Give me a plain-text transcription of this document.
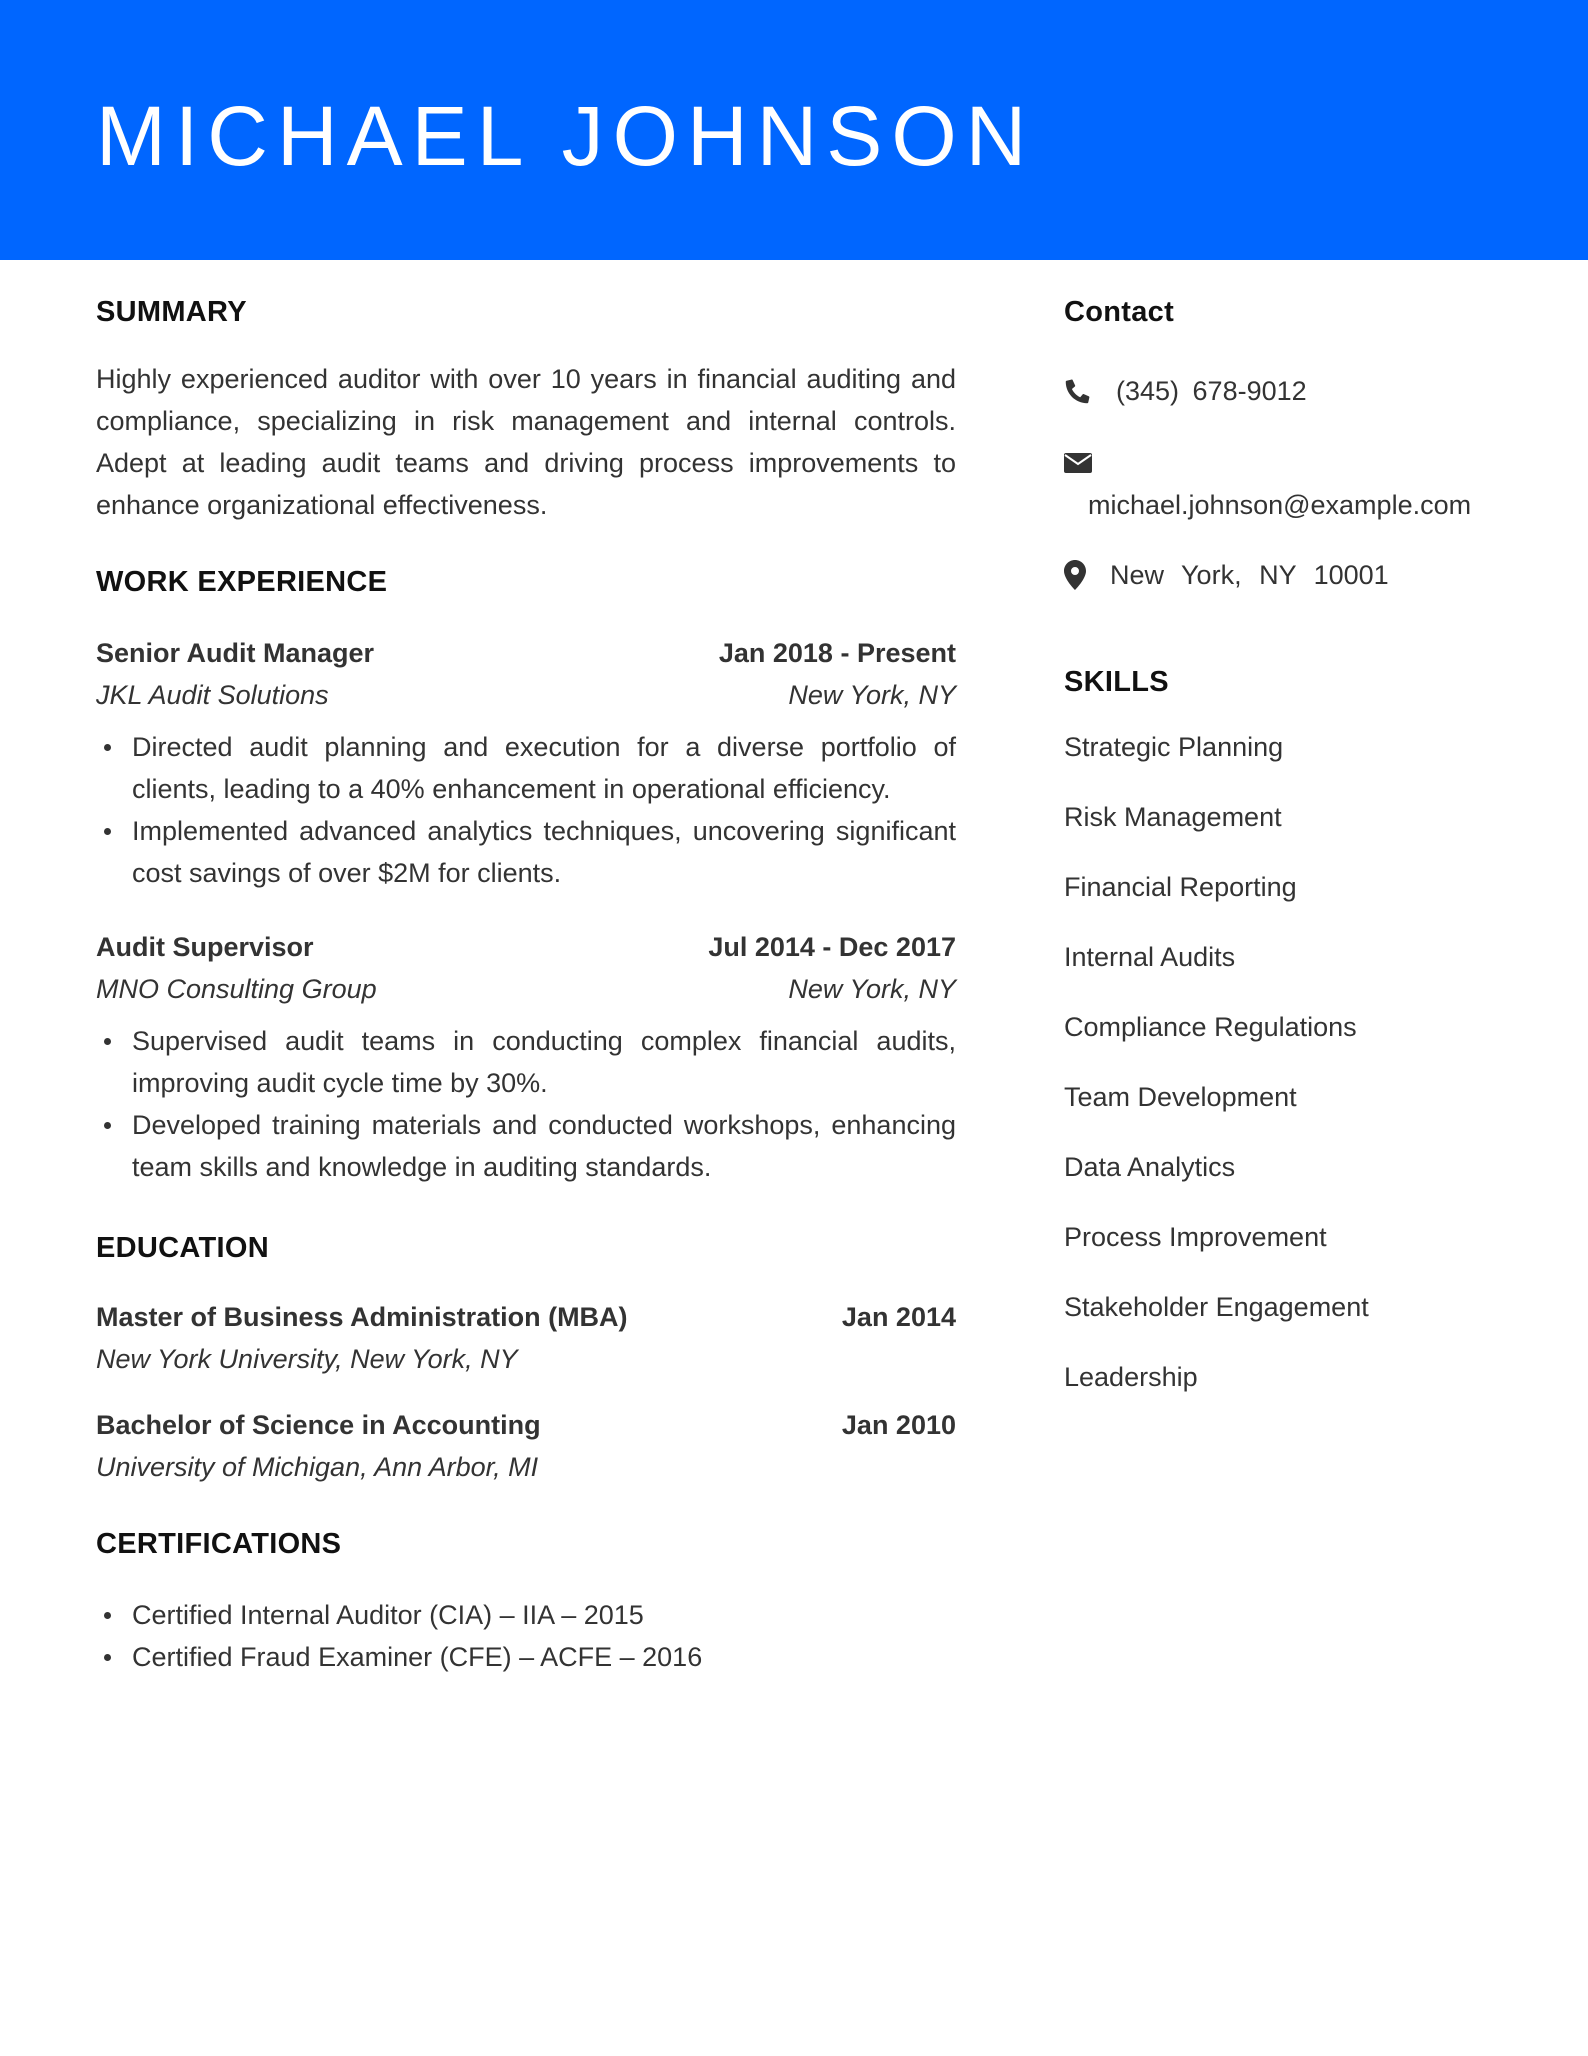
MICHAEL JOHNSON
SUMMARY

Highly experienced auditor with over 10 years in financial auditing and compliance, specializing in risk management and internal controls. Adept at leading audit teams and driving process improvements to enhance organizational effectiveness.

WORK EXPERIENCE
Senior Audit Manager	Jan 2018 - Present
JKL Audit Solutions	New York, NY
Directed audit planning and execution for a diverse portfolio of clients, leading to a 40% enhancement in operational efficiency.
Implemented advanced analytics techniques, uncovering significant cost savings of over $2M for clients.
Audit Supervisor	Jul 2014 - Dec 2017
MNO Consulting Group	New York, NY
Supervised audit teams in conducting complex financial audits, improving audit cycle time by 30%.
Developed training materials and conducted workshops, enhancing team skills and knowledge in auditing standards.
EDUCATION
Master of Business Administration (MBA)	Jan 2014
New York University, New York, NY
Bachelor of Science in Accounting	Jan 2010
University of Michigan, Ann Arbor, MI
CERTIFICATIONS
Certified Internal Auditor (CIA) – IIA – 2015
Certified Fraud Examiner (CFE) – ACFE – 2016
Contact
(345) 678-9012
michael.johnson@example.com
New York, NY 10001
SKILLS
Strategic Planning
Risk Management
Financial Reporting
Internal Audits
Compliance Regulations
Team Development
Data Analytics
Process Improvement
Stakeholder Engagement
Leadership
